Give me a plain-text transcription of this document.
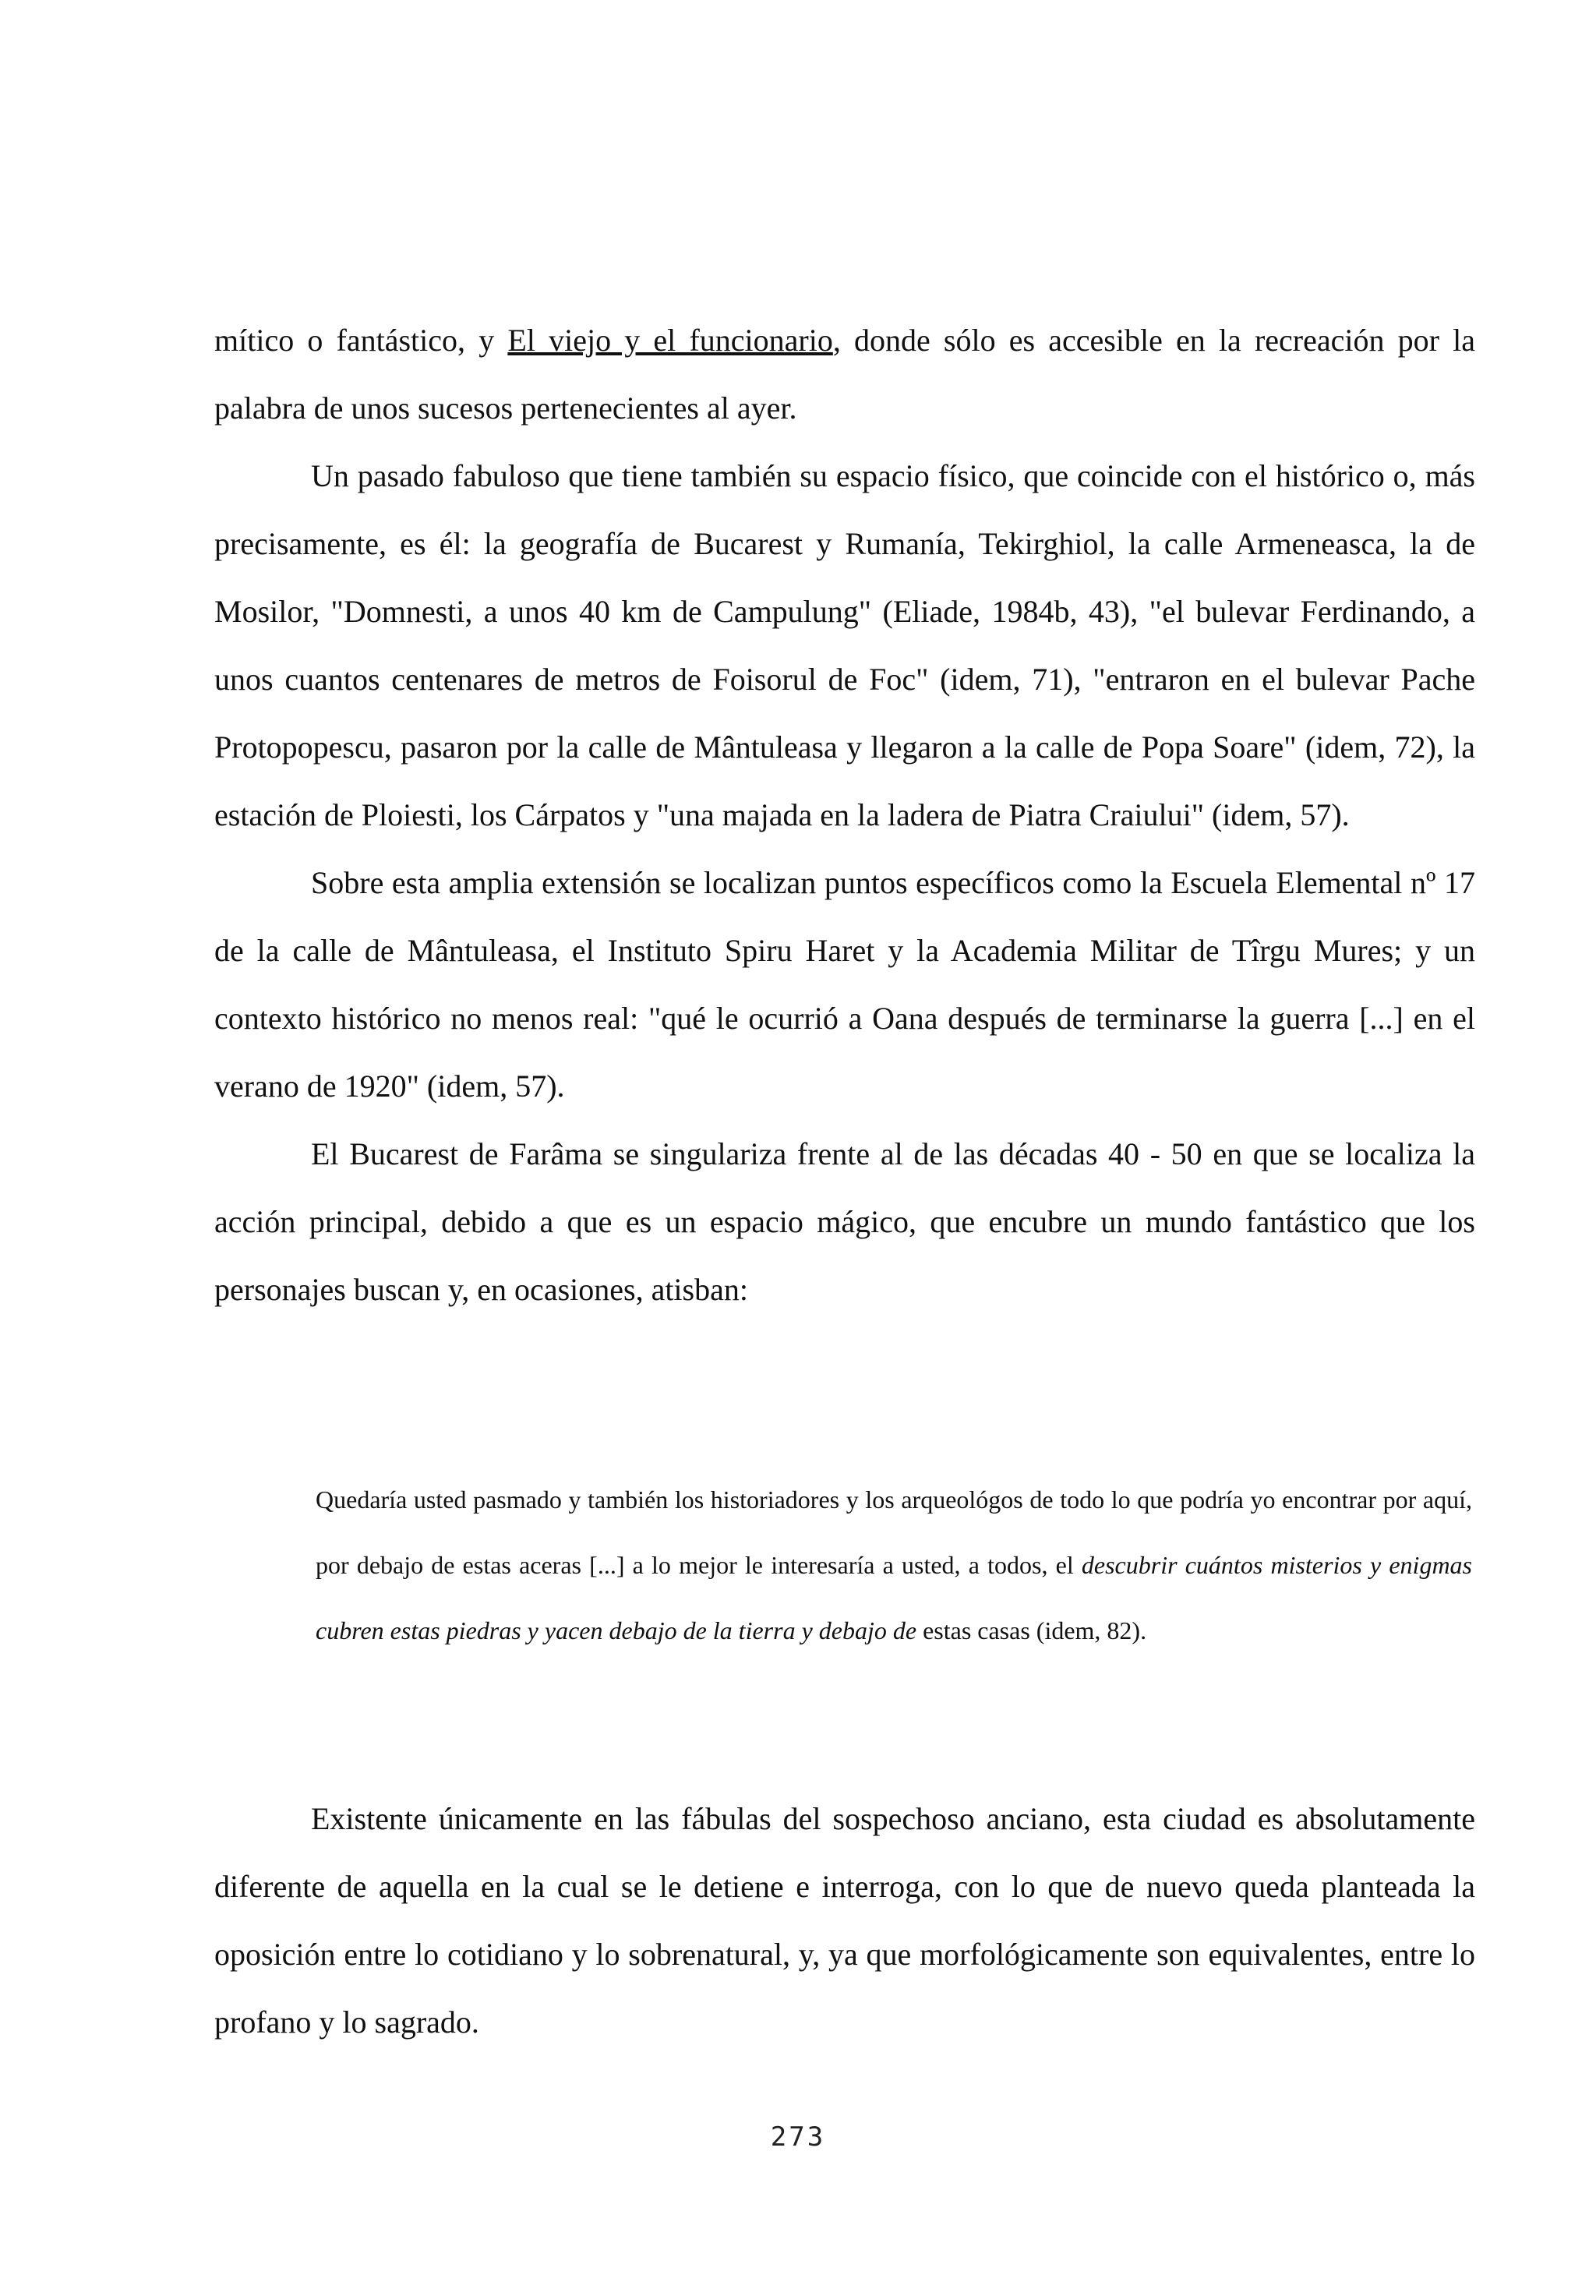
mítico o fantástico, y El viejo y el funcionario, donde sólo es accesible en la recreación por la palabra de unos sucesos pertenecientes al ayer.

Un pasado fabuloso que tiene también su espacio físico, que coincide con el histórico o, más precisamente, es él: la geografía de Bucarest y Rumanía, Tekirghiol, la calle Armeneasca, la de Mosilor, "Domnesti, a unos 40 km de Campulung" (Eliade, 1984b, 43), "el bulevar Ferdinando, a unos cuantos centenares de metros de Foisorul de Foc" (idem, 71), "entraron en el bulevar Pache Protopopescu, pasaron por la calle de Mântuleasa y llegaron a la calle de Popa Soare" (idem, 72), la estación de Ploiesti, los Cárpatos y "una majada en la ladera de Piatra Craiului" (idem, 57).

Sobre esta amplia extensión se localizan puntos específicos como la Escuela Elemental nº 17 de la calle de Mântuleasa, el Instituto Spiru Haret y la Academia Militar de Tîrgu Mures; y un contexto histórico no menos real: "qué le ocurrió a Oana después de terminarse la guerra [...] en el verano de 1920" (idem, 57).

El Bucarest de Farâma se singulariza frente al de las décadas 40 - 50 en que se localiza la acción principal, debido a que es un espacio mágico, que encubre un mundo fantástico que los personajes buscan y, en ocasiones, atisban:

Quedaría usted pasmado y también los historiadores y los arqueológos de todo lo que podría yo encontrar por aquí, por debajo de estas aceras [...] a lo mejor le interesaría a usted, a todos, el descubrir cuántos misterios y enigmas cubren estas piedras y yacen debajo de la tierra y debajo de estas casas (idem, 82).

Existente únicamente en las fábulas del sospechoso anciano, esta ciudad es absolutamente diferente de aquella en la cual se le detiene e interroga, con lo que de nuevo queda planteada la oposición entre lo cotidiano y lo sobrenatural, y, ya que morfológicamente son equivalentes, entre lo profano y lo sagrado.

273
